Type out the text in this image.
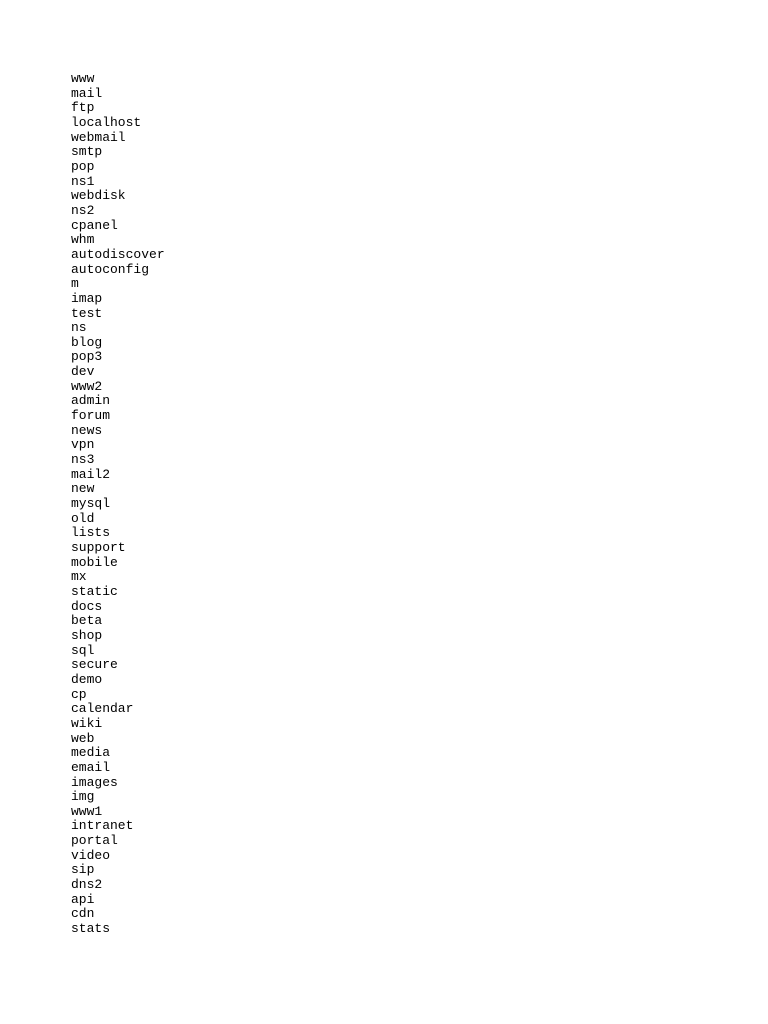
www
mail
ftp
localhost
webmail
smtp
pop
ns1
webdisk
ns2
cpanel
whm
autodiscover
autoconfig
m
imap
test
ns
blog
pop3
dev
www2
admin
forum
news
vpn
ns3
mail2
new
mysql
old
lists
support
mobile
mx
static
docs
beta
shop
sql
secure
demo
cp
calendar
wiki
web
media
email
images
img
www1
intranet
portal
video
sip
dns2
api
cdn
stats
